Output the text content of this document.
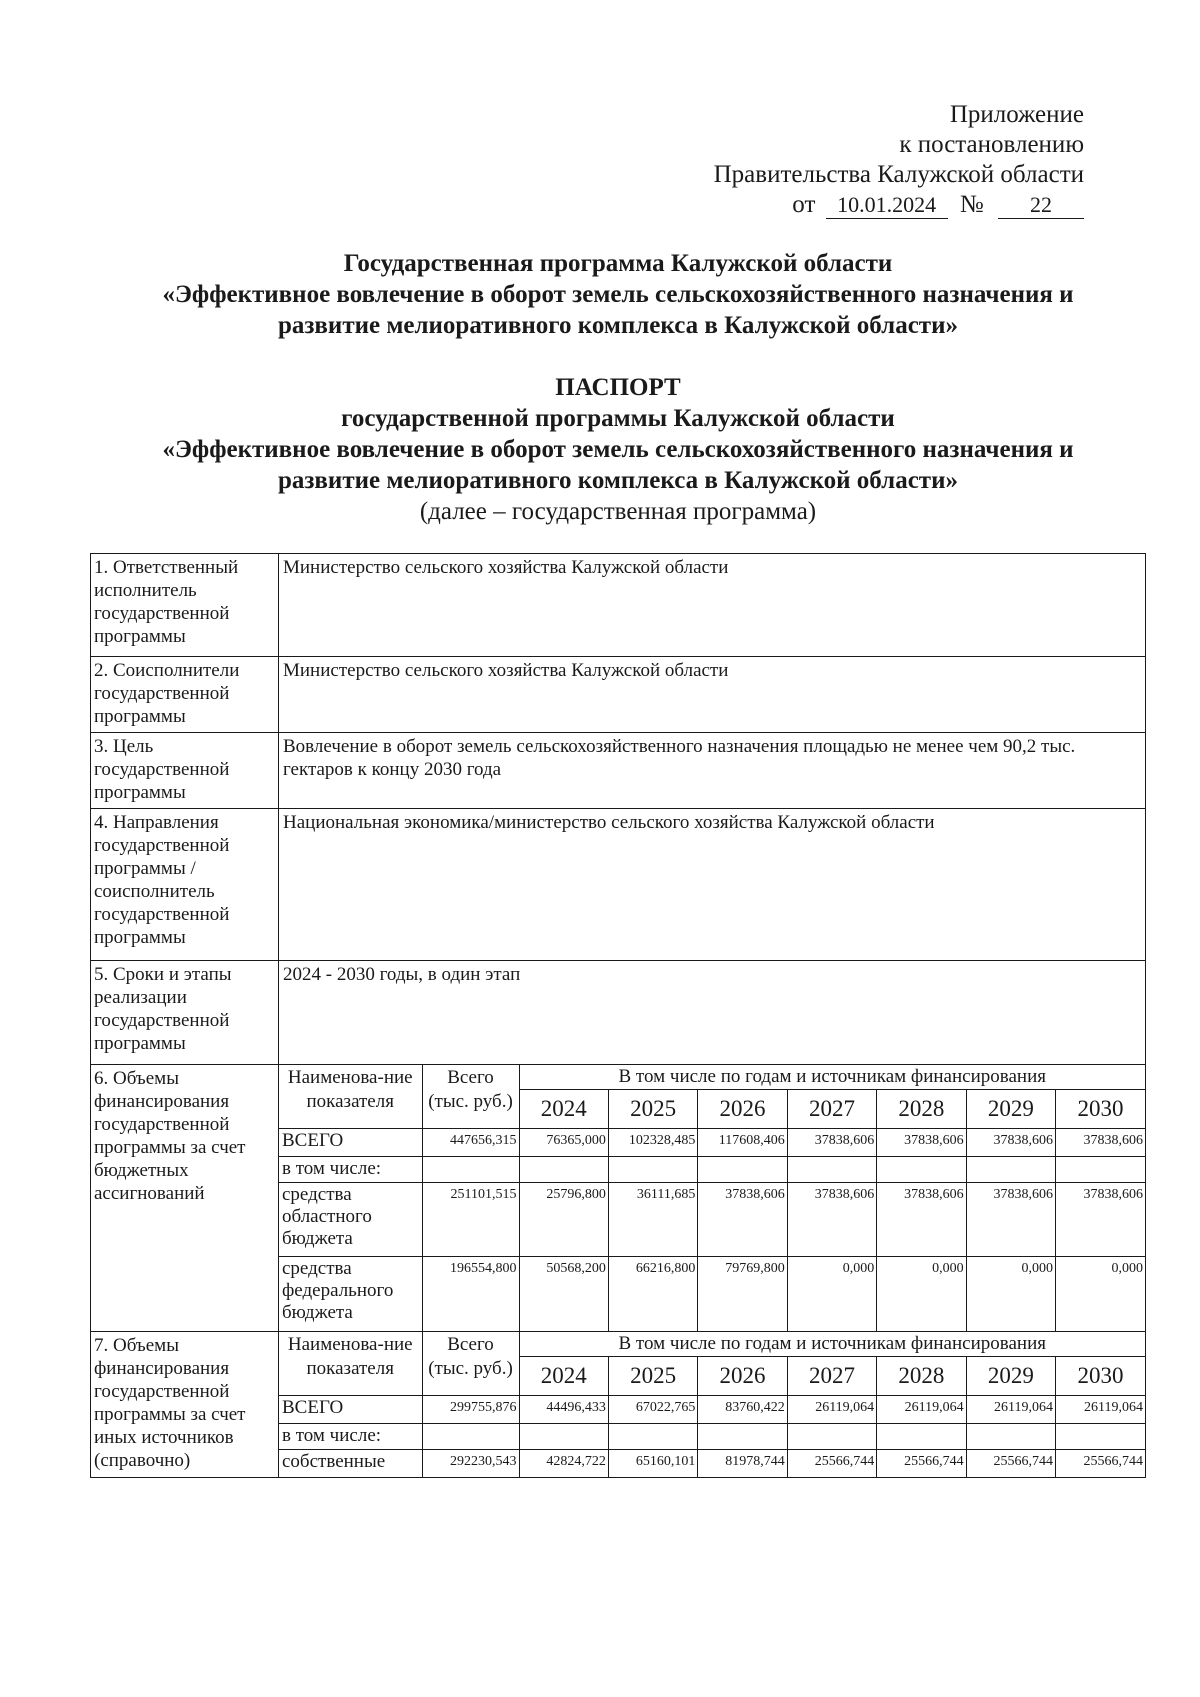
Приложение
к постановлению
Правительства Калужской области
от 10.01.2024 № 22
Государственная программа Калужской области
«Эффективное вовлечение в оборот земель сельскохозяйственного назначения и
развитие мелиоративного комплекса в Калужской области»
ПАСПОРТ
государственной программы Калужской области
«Эффективное вовлечение в оборот земель сельскохозяйственного назначения и
развитие мелиоративного комплекса в Калужской области»
(далее – государственная программа)
1. Ответственный исполнитель государственной программы	Министерство сельского хозяйства Калужской области
2. Соисполнители государственной программы	Министерство сельского хозяйства Калужской области
3. Цель государственной программы	Вовлечение в оборот земель сельскохозяйственного назначения площадью не менее чем 90,2 тыс. гектаров к концу 2030 года
4. Направления государственной программы / соисполнитель государственной программы	Национальная экономика/министерство сельского хозяйства Калужской области
5. Сроки и этапы реализации государственной программы	2024 - 2030 годы, в один этап
6. Объемы финансирования государственной программы за счет бюджетных ассигнований	
Наименова-ние показателя	Всего (тыс. руб.)	В том числе по годам и источникам финансирования
2024	2025	2026	2027	2028	2029	2030
ВСЕГО	447656,315	76365,000	102328,485	117608,406	37838,606	37838,606	37838,606	37838,606
в том числе:								
средства областного бюджета	251101,515	25796,800	36111,685	37838,606	37838,606	37838,606	37838,606	37838,606
средства федерального бюджета	196554,800	50568,200	66216,800	79769,800	0,000	0,000	0,000	0,000

7. Объемы финансирования государственной программы за счет иных источников (справочно)	
Наименова-ние показателя	Всего (тыс. руб.)	В том числе по годам и источникам финансирования
2024	2025	2026	2027	2028	2029	2030
ВСЕГО	299755,876	44496,433	67022,765	83760,422	26119,064	26119,064	26119,064	26119,064
в том числе:								
собственные	292230,543	42824,722	65160,101	81978,744	25566,744	25566,744	25566,744	25566,744
